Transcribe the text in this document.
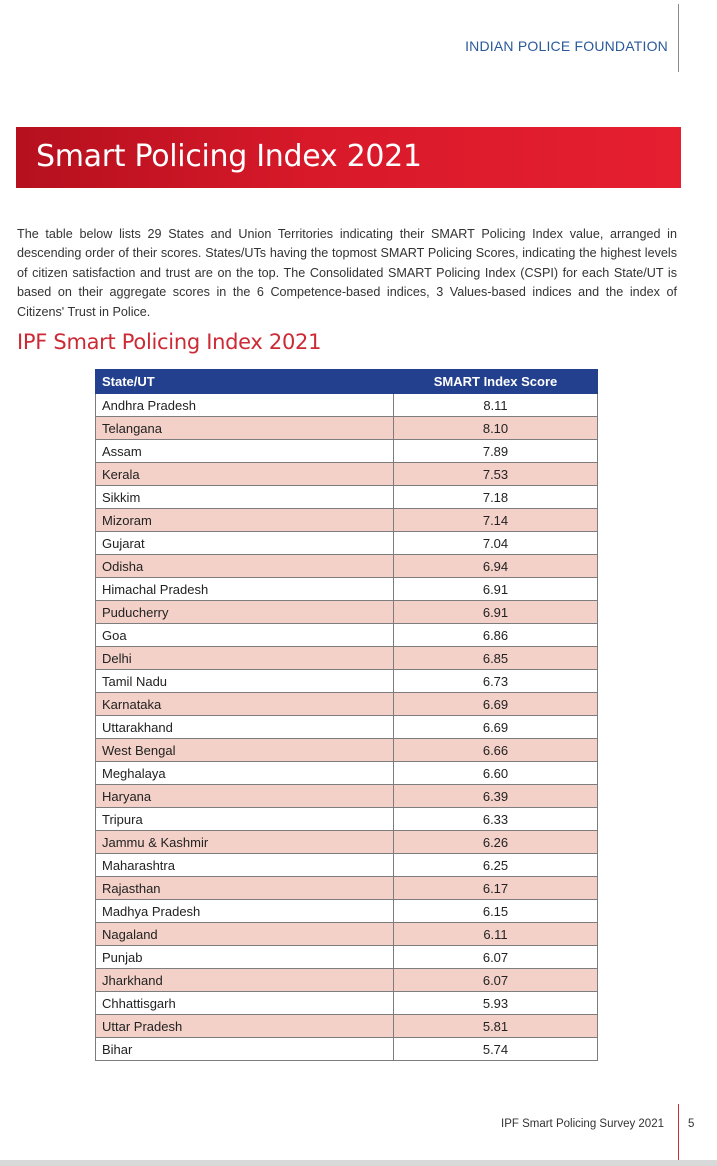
INDIAN POLICE FOUNDATION
Smart Policing Index 2021

The table below lists 29 States and Union Territories indicating their SMART Policing Index value, arranged in descending order of their scores. States/UTs having the topmost SMART Policing Scores, indicating the highest levels of citizen satisfaction and trust are on the top. The Consolidated SMART Policing Index (CSPI) for each State/UT is based on their aggregate scores in the 6 Competence-based indices, 3 Values-based indices and the index of Citizens' Trust in Police.

IPF Smart Policing Index 2021
State/UT	SMART Index Score
Andhra Pradesh	8.11
Telangana	8.10
Assam	7.89
Kerala	7.53
Sikkim	7.18
Mizoram	7.14
Gujarat	7.04
Odisha	6.94
Himachal Pradesh	6.91
Puducherry	6.91
Goa	6.86
Delhi	6.85
Tamil Nadu	6.73
Karnataka	6.69
Uttarakhand	6.69
West Bengal	6.66
Meghalaya	6.60
Haryana	6.39
Tripura	6.33
Jammu & Kashmir	6.26
Maharashtra	6.25
Rajasthan	6.17
Madhya Pradesh	6.15
Nagaland	6.11
Punjab	6.07
Jharkhand	6.07
Chhattisgarh	5.93
Uttar Pradesh	5.81
Bihar	5.74
IPF Smart Policing Survey 2021 5
